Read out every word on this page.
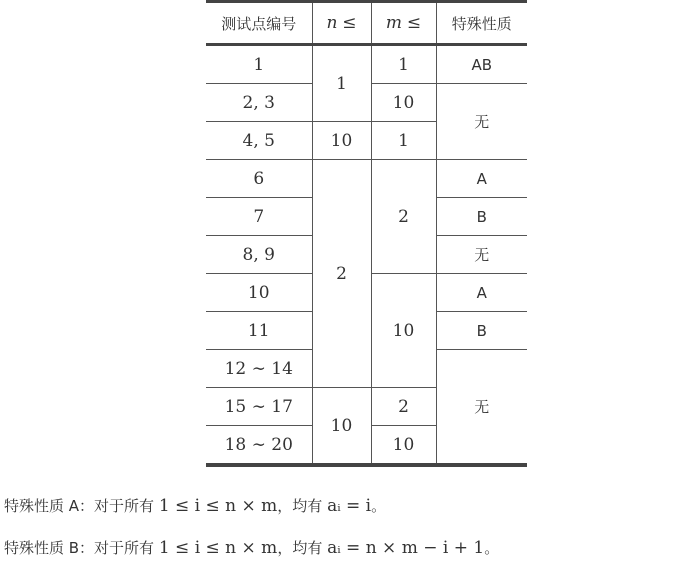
测试点编号	n ≤	m ≤	特殊性质
1	1	1	AB
2, 3		10	无
4, 5	10	1	
6	2	2	A
7			B
8, 9			无
10		10	A
11			B
12 ∼ 14			无
15 ∼ 17	10	2	
18 ∼ 20		10	
特殊性质 A：对于所有 1 ≤ i ≤ n × m，均有 aᵢ = i。
特殊性质 B：对于所有 1 ≤ i ≤ n × m，均有 aᵢ = n × m − i + 1。
